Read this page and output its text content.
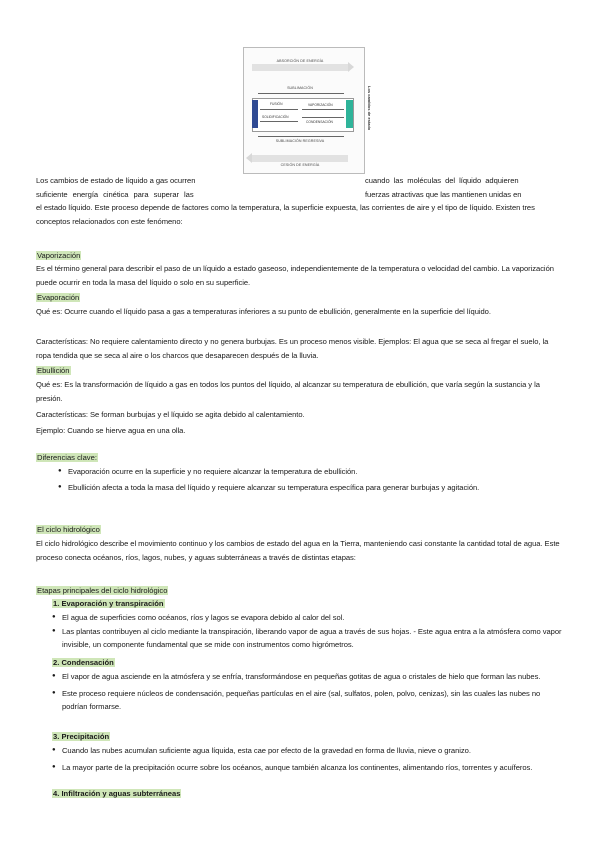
ABSORCIÓN DE ENERGÍA
SUBLIMACIÓN
FUSIÓN
SOLIDIFICACIÓN
VAPORIZACIÓN
CONDENSACIÓN
SUBLIMACIÓN REGRESIVA
CESIÓN DE ENERGÍA
Los cambios de estado
Los cambios de estado de líquido a gas ocurren
suficiente energía cinética para superar las
cuando las moléculas del líquido adquieren
fuerzas atractivas que las mantienen unidas en
el estado líquido. Este proceso depende de factores como la temperatura, la superficie expuesta, las corrientes de aire y el tipo de líquido. Existen tres conceptos relacionados con este fenómeno:
Vaporización
Es el término general para describir el paso de un líquido a estado gaseoso, independientemente de la temperatura o velocidad del cambio. La vaporización puede ocurrir en toda la masa del líquido o solo en su superficie.
Evaporación
Qué es: Ocurre cuando el líquido pasa a gas a temperaturas inferiores a su punto de ebullición, generalmente en la superficie del líquido.
Características: No requiere calentamiento directo y no genera burbujas. Es un proceso menos visible. Ejemplos: El agua que se seca al fregar el suelo, la ropa tendida que se seca al aire o los charcos que desaparecen después de la lluvia.
Ebullición
Qué es: Es la transformación de líquido a gas en todos los puntos del líquido, al alcanzar su temperatura de ebullición, que varía según la sustancia y la presión.
Características: Se forman burbujas y el líquido se agita debido al calentamiento.
Ejemplo: Cuando se hierve agua en una olla.
Diferencias clave:
● Evaporación ocurre en la superficie y no requiere alcanzar la temperatura de ebullición.
● Ebullición afecta a toda la masa del líquido y requiere alcanzar su temperatura específica para generar burbujas y agitación.
El ciclo hidrológico
El ciclo hidrológico describe el movimiento continuo y los cambios de estado del agua en la Tierra, manteniendo casi constante la cantidad total de agua. Este proceso conecta océanos, ríos, lagos, nubes, y aguas subterráneas a través de distintas etapas:
Etapas principales del ciclo hidrológico
1. Evaporación y transpiración
● El agua de superficies como océanos, ríos y lagos se evapora debido al calor del sol.
● Las plantas contribuyen al ciclo mediante la transpiración, liberando vapor de agua a través de sus hojas. - Este agua entra a la atmósfera como vapor invisible, un componente fundamental que se mide con instrumentos como higrómetros.
2. Condensación
● El vapor de agua asciende en la atmósfera y se enfría, transformándose en pequeñas gotitas de agua o cristales de hielo que forman las nubes.
● Este proceso requiere núcleos de condensación, pequeñas partículas en el aire (sal, sulfatos, polen, polvo, cenizas), sin las cuales las nubes no podrían formarse.
3. Precipitación
● Cuando las nubes acumulan suficiente agua líquida, esta cae por efecto de la gravedad en forma de lluvia, nieve o granizo.
● La mayor parte de la precipitación ocurre sobre los océanos, aunque también alcanza los continentes, alimentando ríos, torrentes y acuíferos.
4. Infiltración y aguas subterráneas
